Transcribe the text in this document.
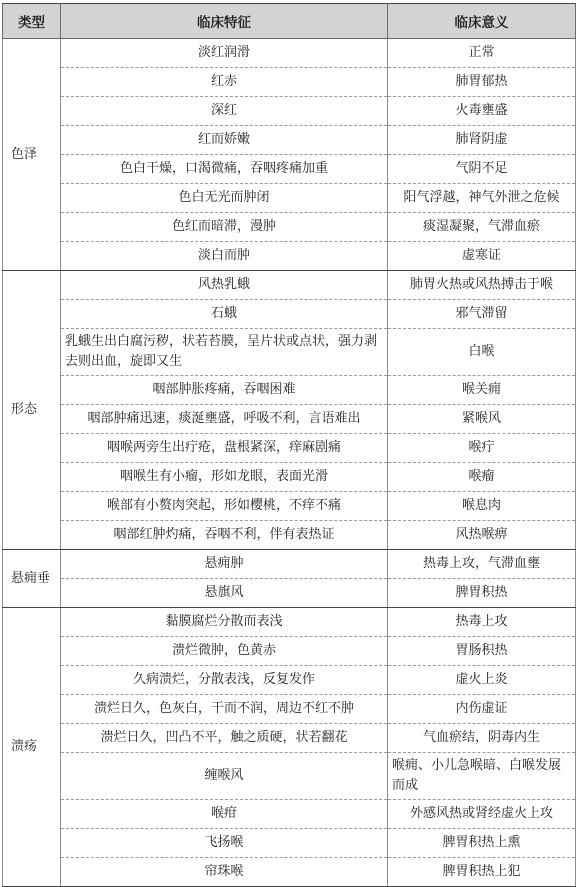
类型	临床特征	临床意义
色泽	淡红润滑	正常
	红赤	肺胃郁热
	深红	火毒壅盛
	红而娇嫩	肺肾阴虚
	色白干燥，口渴微痛，吞咽疼痛加重	气阴不足
	色白无光而肿闭	阳气浮越，神气外泄之危候
	色红而暗滞，漫肿	痰湿凝聚，气滞血瘀
	淡白而肿	虚寒证
形态	风热乳蛾	肺胃火热或风热搏击于喉
	石蛾	邪气滞留
	乳蛾生出白腐污秽，状若苔膜，呈片状或点状，强力剥去则出血，旋即又生	白喉
	咽部肿胀疼痛，吞咽困难	喉关痈
	咽部肿痛迅速，痰涎壅盛，呼吸不利，言语难出	紧喉风
	咽喉两旁生出疔疮，盘根紧深，痒麻剧痛	喉疔
	咽喉生有小瘤，形如龙眼，表面光滑	喉瘤
	喉部有小赘肉突起，形如樱桃，不痒不痛	喉息肉
	咽部红肿灼痛，吞咽不利，伴有表热证	风热喉痹
悬痈垂	悬痈肿	热毒上攻，气滞血壅
	悬旗风	脾胃积热
溃疡	黏膜腐烂分散而表浅	热毒上攻
	溃烂微肿，色黄赤	胃肠积热
	久病溃烂，分散表浅，反复发作	虚火上炎
	溃烂日久，色灰白，干而不润，周边不红不肿	内伤虚证
	溃烂日久，凹凸不平，触之质硬，状若翻花	气血瘀结，阴毒内生
	缠喉风	喉痈、小儿急喉暗、白喉发展而成
	喉疳	外感风热或肾经虚火上攻
	飞扬喉	脾胃积热上熏
	帘珠喉	脾胃积热上犯
